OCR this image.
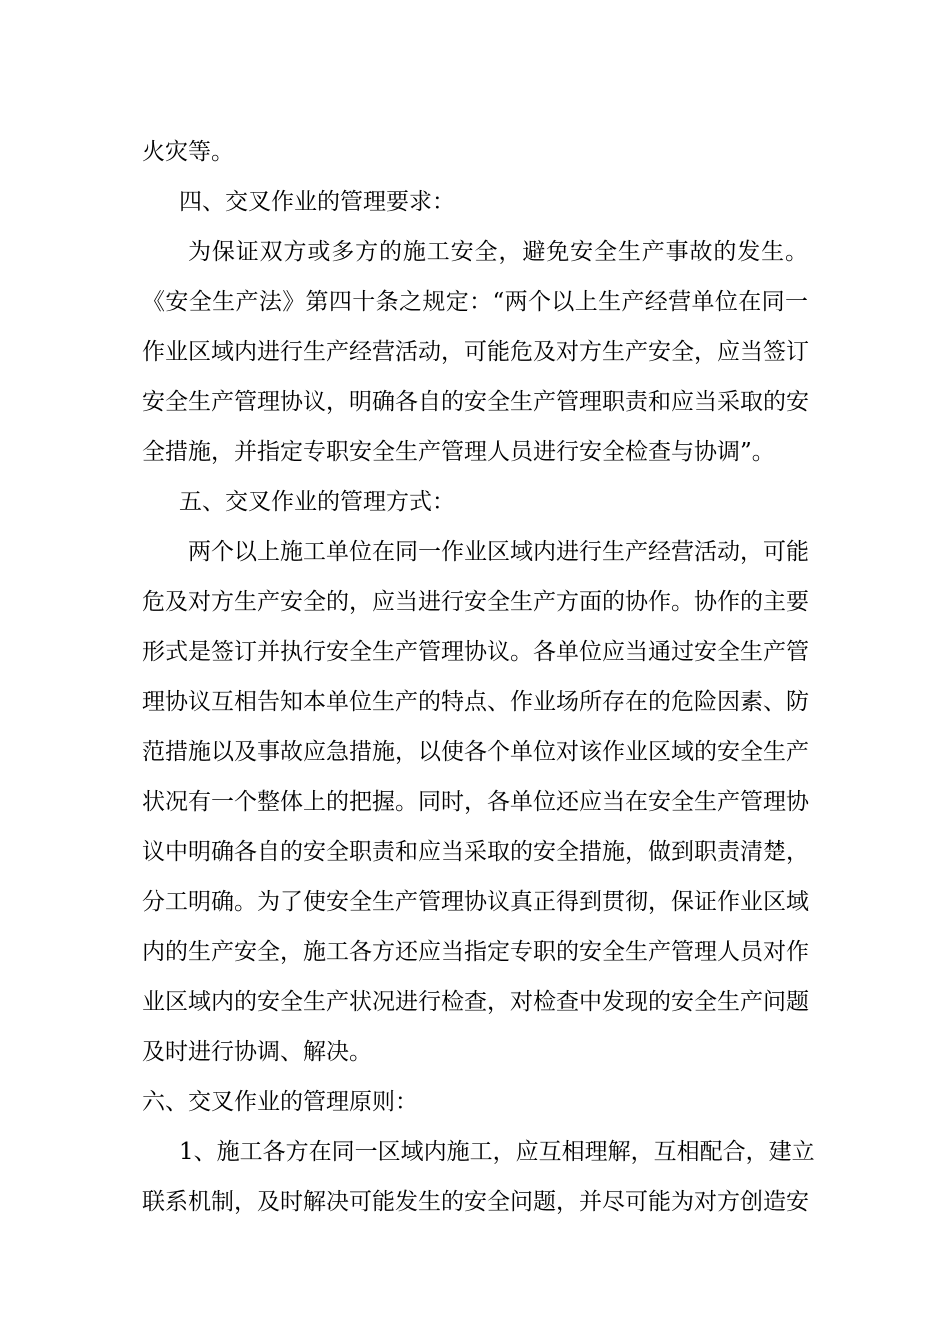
火灾等。
四、交叉作业的管理要求：
为保证双方或多方的施工安全，避免安全生产事故的发生。
《安全生产法》第四十条之规定：“两个以上生产经营单位在同一
作业区域内进行生产经营活动，可能危及对方生产安全，应当签订
安全生产管理协议，明确各自的安全生产管理职责和应当采取的安
全措施，并指定专职安全生产管理人员进行安全检查与协调”。
五、交叉作业的管理方式：
两个以上施工单位在同一作业区域内进行生产经营活动，可能
危及对方生产安全的，应当进行安全生产方面的协作。协作的主要
形式是签订并执行安全生产管理协议。各单位应当通过安全生产管
理协议互相告知本单位生产的特点、作业场所存在的危险因素、防
范措施以及事故应急措施，以使各个单位对该作业区域的安全生产
状况有一个整体上的把握。同时，各单位还应当在安全生产管理协
议中明确各自的安全职责和应当采取的安全措施，做到职责清楚，
分工明确。为了使安全生产管理协议真正得到贯彻，保证作业区域
内的生产安全，施工各方还应当指定专职的安全生产管理人员对作
业区域内的安全生产状况进行检查，对检查中发现的安全生产问题
及时进行协调、解决。
六、交叉作业的管理原则：
1、施工各方在同一区域内施工，应互相理解，互相配合，建立
联系机制，及时解决可能发生的安全问题，并尽可能为对方创造安
